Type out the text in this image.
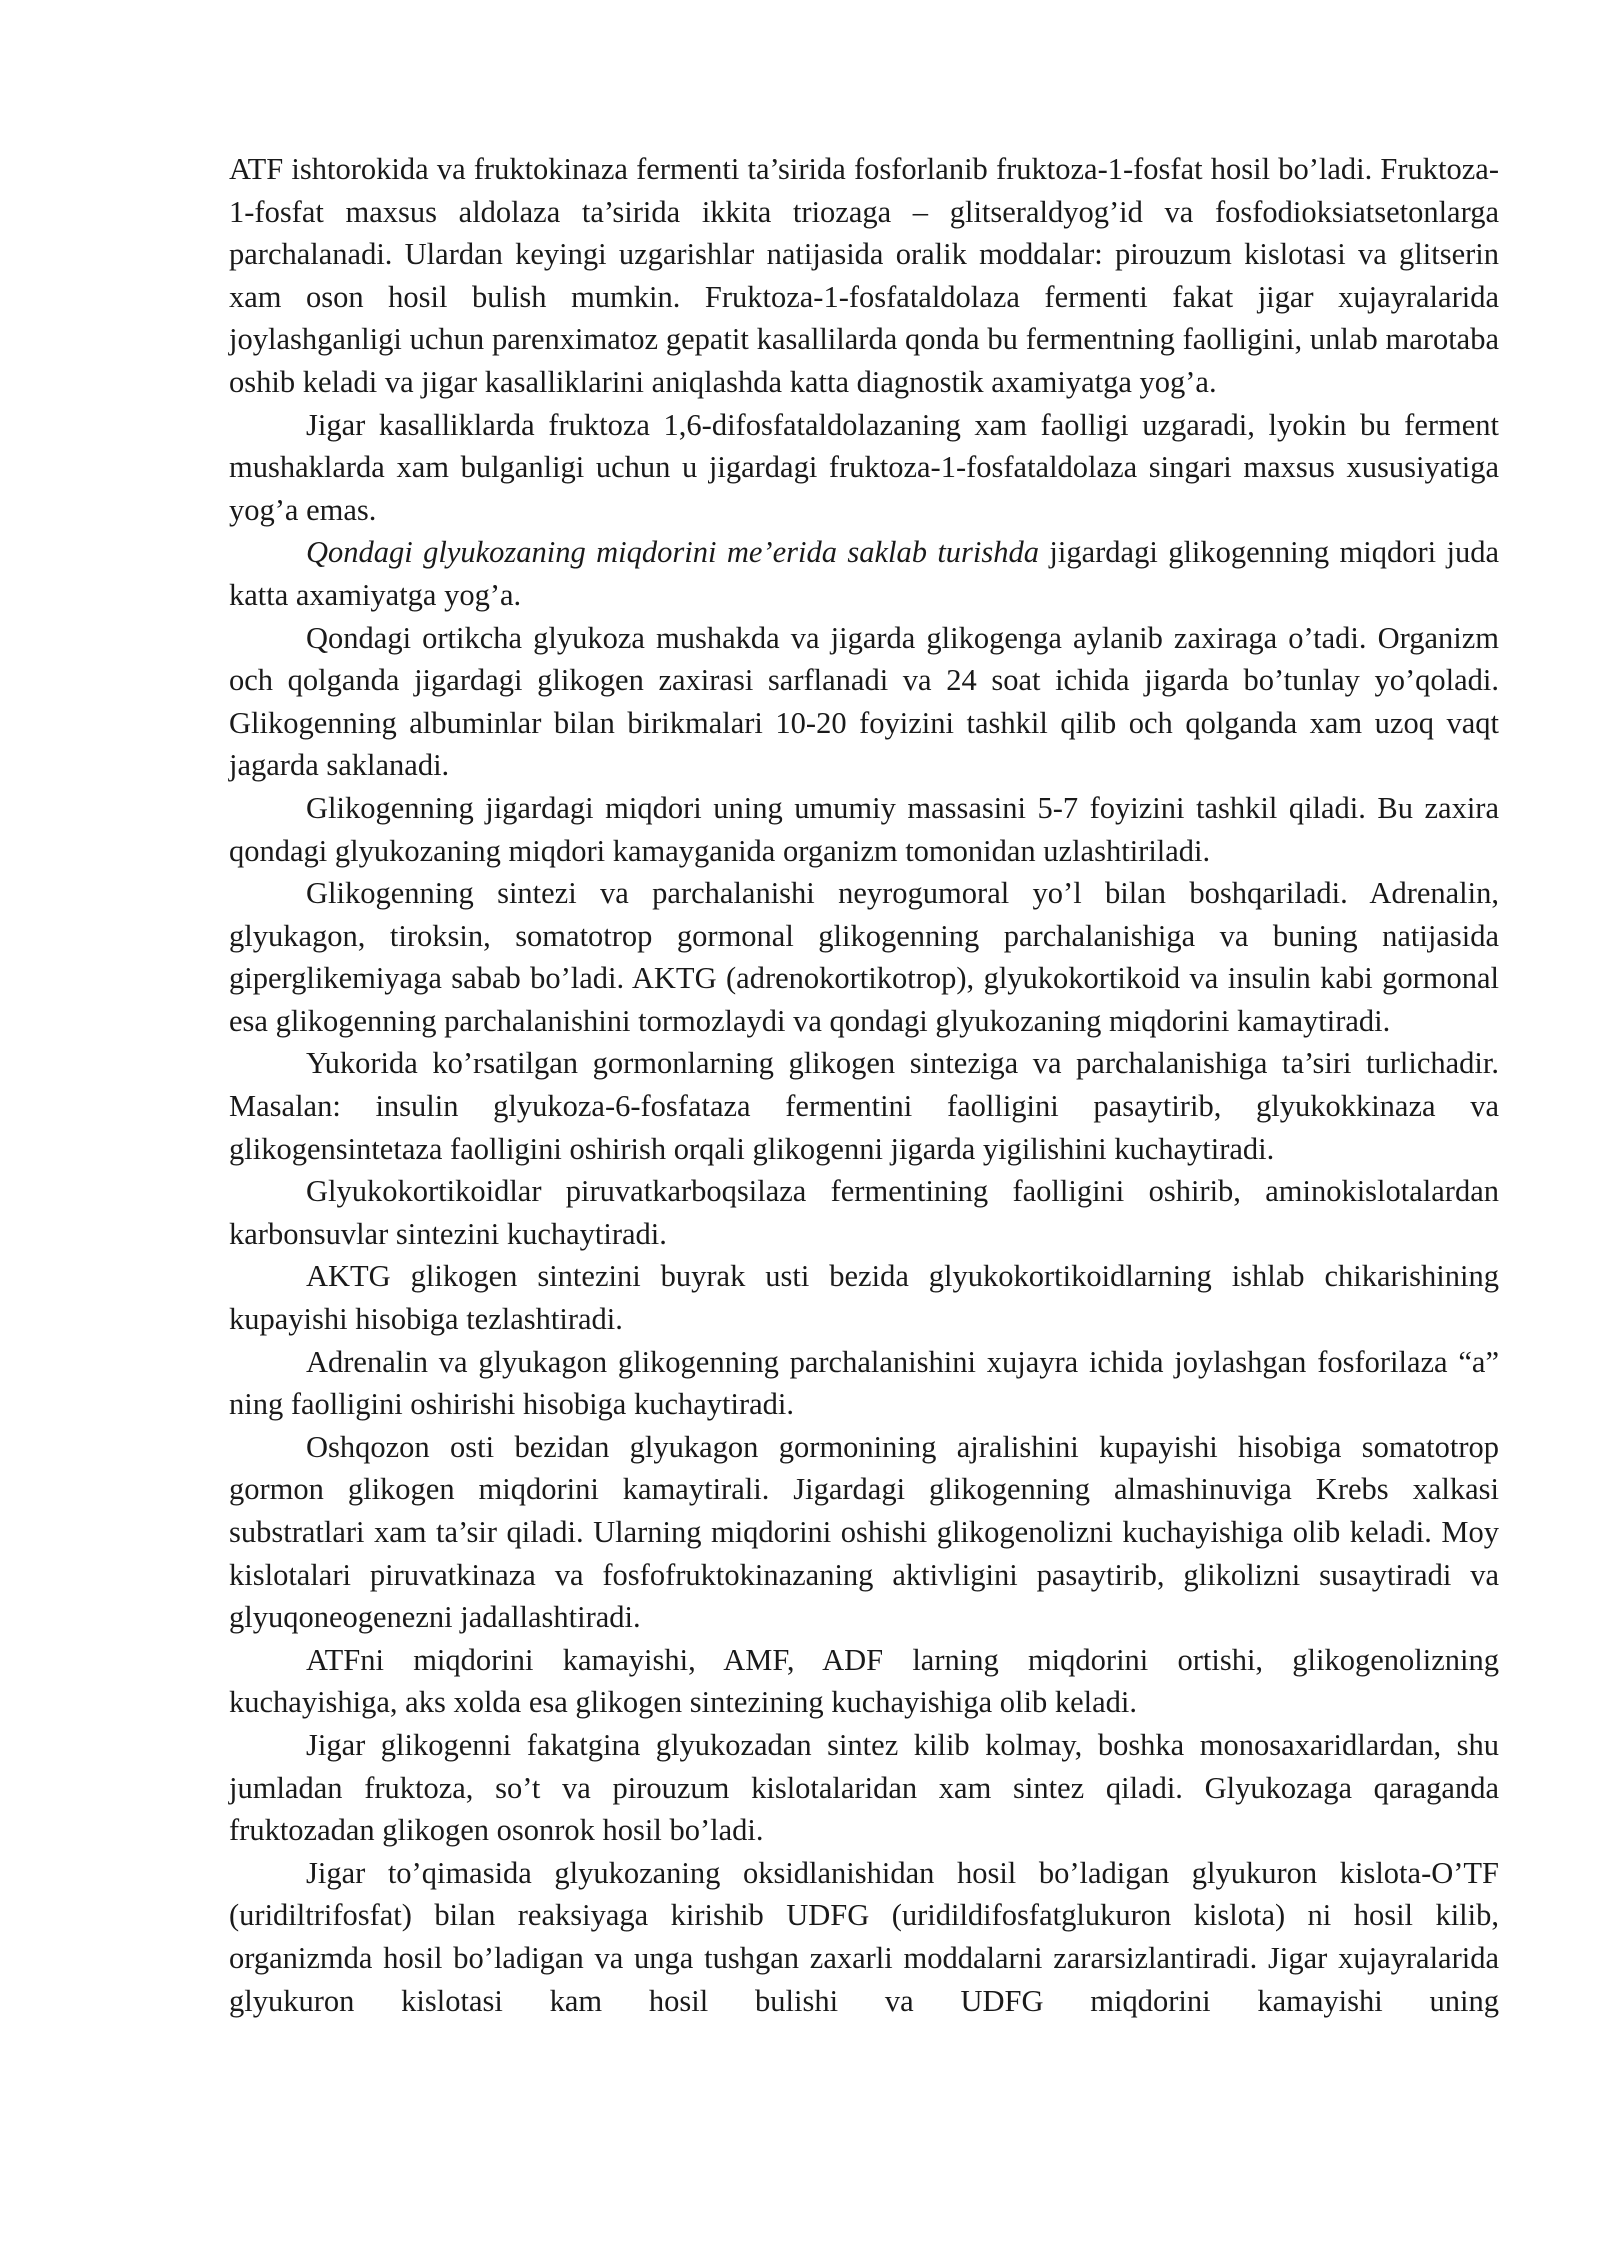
ATF ishtorokida va fruktokinaza fermenti ta’sirida fosforlanib fruktoza-1-fosfat hosil bo’ladi. Fruktoza-1-fosfat maxsus aldolaza ta’sirida ikkita triozaga – glitseraldyog’id va fosfodioksiatsetonlarga parchalanadi. Ulardan keyingi uzgarishlar natijasida oralik moddalar: pirouzum kislotasi va glitserin xam oson hosil bulish mumkin. Fruktoza-1-fosfataldolaza fermenti fakat jigar xujayralarida joylashganligi uchun parenximatoz gepatit kasallilarda qonda bu fermentning faolligini, unlab marotaba oshib keladi va jigar kasalliklarini aniqlashda katta diagnostik axamiyatga yog’a.

Jigar kasalliklarda fruktoza 1,6-difosfataldolazaning xam faolligi uzgaradi, lyokin bu ferment mushaklarda xam bulganligi uchun u jigardagi fruktoza-1-fosfataldolaza singari maxsus xususiyatiga yog’a emas.

Qondagi glyukozaning miqdorini me’erida saklab turishda jigardagi glikogenning miqdori juda katta axamiyatga yog’a.

Qondagi ortikcha glyukoza mushakda va jigarda glikogenga aylanib zaxiraga o’tadi. Organizm och qolganda jigardagi glikogen zaxirasi sarflanadi va 24 soat ichida jigarda bo’tunlay yo’qoladi. Glikogenning albuminlar bilan birikmalari 10-20 foyizini tashkil qilib och qolganda xam uzoq vaqt jagarda saklanadi.

Glikogenning jigardagi miqdori uning umumiy massasini 5-7 foyizini tashkil qiladi. Bu zaxira qondagi glyukozaning miqdori kamayganida organizm tomonidan uzlashtiriladi.

Glikogenning sintezi va parchalanishi neyrogumoral yo’l bilan boshqariladi. Adrenalin, glyukagon, tiroksin, somatotrop gormonal glikogenning parchalanishiga va buning natijasida giperglikemiyaga sabab bo’ladi. AKTG (adrenokortikotrop), glyukokortikoid va insulin kabi gormonal esa glikogenning parchalanishini tormozlaydi va qondagi glyukozaning miqdorini kamaytiradi.

Yukorida ko’rsatilgan gormonlarning glikogen sinteziga va parchalanishiga ta’siri turlichadir. Masalan: insulin glyukoza-6-fosfataza fermentini faolligini pasaytirib, glyukokkinaza va glikogensintetaza faolligini oshirish orqali glikogenni jigarda yigilishini kuchaytiradi.

Glyukokortikoidlar piruvatkarboqsilaza fermentining faolligini oshirib, aminokislotalardan karbonsuvlar sintezini kuchaytiradi.

AKTG glikogen sintezini buyrak usti bezida glyukokortikoidlarning ishlab chikarishining kupayishi hisobiga tezlashtiradi.

Adrenalin va glyukagon glikogenning parchalanishini xujayra ichida joylashgan fosforilaza “a” ning faolligini oshirishi hisobiga kuchaytiradi.

Oshqozon osti bezidan glyukagon gormonining ajralishini kupayishi hisobiga somatotrop gormon glikogen miqdorini kamaytirali. Jigardagi glikogenning almashinuviga Krebs xalkasi substratlari xam ta’sir qiladi. Ularning miqdorini oshishi glikogenolizni kuchayishiga olib keladi. Moy kislotalari piruvatkinaza va fosfofruktokinazaning aktivligini pasaytirib, glikolizni susaytiradi va glyuqoneogenezni jadallashtiradi.

ATFni miqdorini kamayishi, AMF, ADF larning miqdorini ortishi, glikogenolizning kuchayishiga, aks xolda esa glikogen sintezining kuchayishiga olib keladi.

Jigar glikogenni fakatgina glyukozadan sintez kilib kolmay, boshka monosaxaridlardan, shu jumladan fruktoza, so’t va pirouzum kislotalaridan xam sintez qiladi. Glyukozaga qaraganda fruktozadan glikogen osonrok hosil bo’ladi.

Jigar to’qimasida glyukozaning oksidlanishidan hosil bo’ladigan glyukuron kislota-O’TF (uridiltrifosfat) bilan reaksiyaga kirishib UDFG (uridildifosfatglukuron kislota) ni hosil kilib, organizmda hosil bo’ladigan va unga tushgan zaxarli moddalarni zararsizlantiradi. Jigar xujayralarida glyukuron kislotasi kam hosil bulishi va UDFG miqdorini kamayishi uning
